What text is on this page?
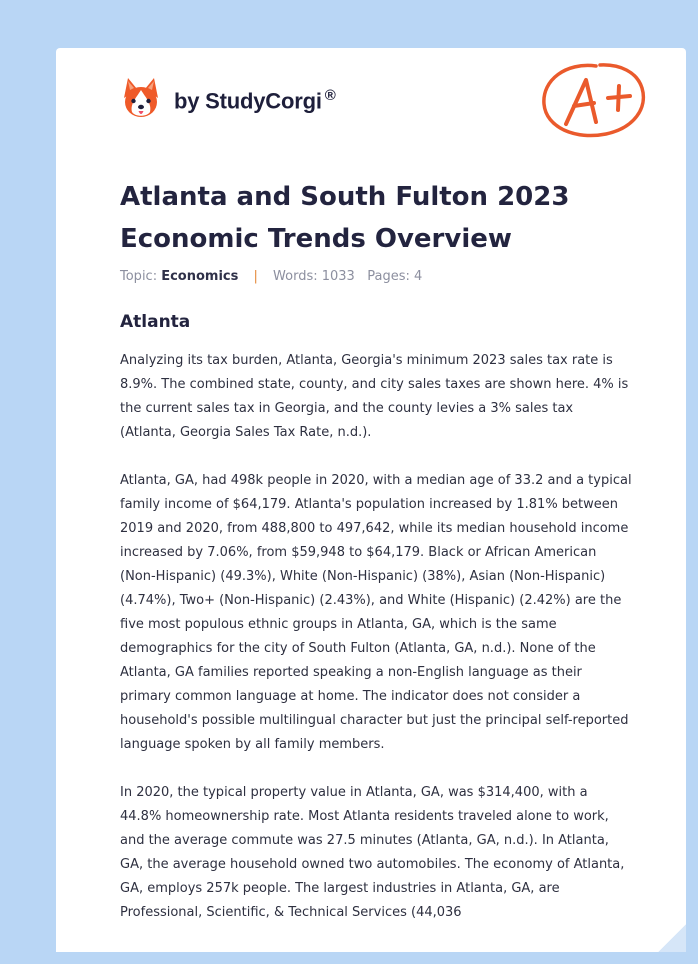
by StudyCorgi ®
Atlanta and South Fulton 2023 Economic Trends Overview
Topic: Economics | Words: 1033 Pages: 4
Atlanta

Analyzing its tax burden, Atlanta, Georgia's minimum 2023 sales tax rate is 8.9%. The combined state, county, and city sales taxes are shown here. 4% is the current sales tax in Georgia, and the county levies a 3% sales tax (Atlanta, Georgia Sales Tax Rate, n.d.).

Atlanta, GA, had 498k people in 2020, with a median age of 33.2 and a typical family income of $64,179. Atlanta's population increased by 1.81% between 2019 and 2020, from 488,800 to 497,642, while its median household income increased by 7.06%, from $59,948 to $64,179. Black or African American (Non-Hispanic) (49.3%), White (Non-Hispanic) (38%), Asian (Non-Hispanic) (4.74%), Two+ (Non-Hispanic) (2.43%), and White (Hispanic) (2.42%) are the five most populous ethnic groups in Atlanta, GA, which is the same demographics for the city of South Fulton (Atlanta, GA, n.d.). None of the Atlanta, GA families reported speaking a non-English language as their primary common language at home. The indicator does not consider a household's possible multilingual character but just the principal self-reported language spoken by all family members.

In 2020, the typical property value in Atlanta, GA, was $314,400, with a 44.8% homeownership rate. Most Atlanta residents traveled alone to work, and the average commute was 27.5 minutes (Atlanta, GA, n.d.). In Atlanta, GA, the average household owned two automobiles. The economy of Atlanta, GA, employs 257k people. The largest industries in Atlanta, GA, are Professional, Scientific, & Technical Services (44,036
